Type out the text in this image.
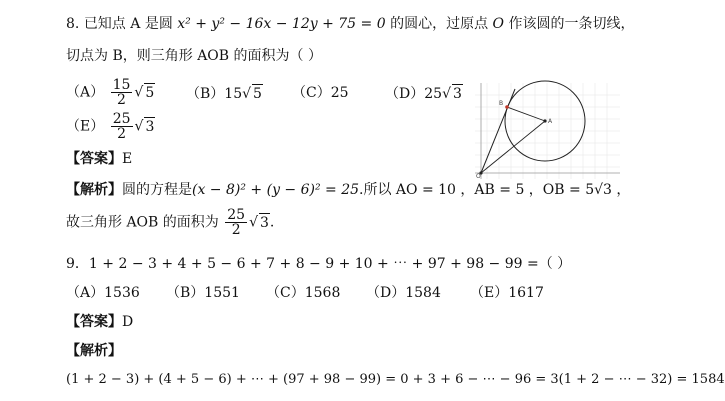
8. 已知点 A 是圆 x² + y² − 16x − 12y + 75 = 0 的圆心，过原点 O 作该圆的一条切线，
切点为 B，则三角形 AOB 的面积为（ ）
$(A) \frac{15}{2}$ √ 5 （B）15√ 5 （C）25	（D）25√ 3
$(E) \frac{25}{2}$ √ 3
【答案】E
【解析】圆的方程是(x − 8)² + (y − 6)² = 25.所以 AO = 10 ，AB = 5 ，OB = 5√3 ，
故三角形 AOB 的面积为 $\frac{25}{2}$ √ 3.
O
A
B
9．1 + 2 − 3 + 4 + 5 − 6 + 7 + 8 − 9 + 10 + ⋯ + 97 + 98 − 99 =（ ）
（A）1536 （B）1551 （C）1568 （D）1584 （E）1617
【答案】D
【解析】
(1 + 2 − 3) + (4 + 5 − 6) + ⋯ + (97 + 98 − 99) = 0 + 3 + 6 − ⋯ − 96 = 3(1 + 2 − ⋯ − 32) = 1584
